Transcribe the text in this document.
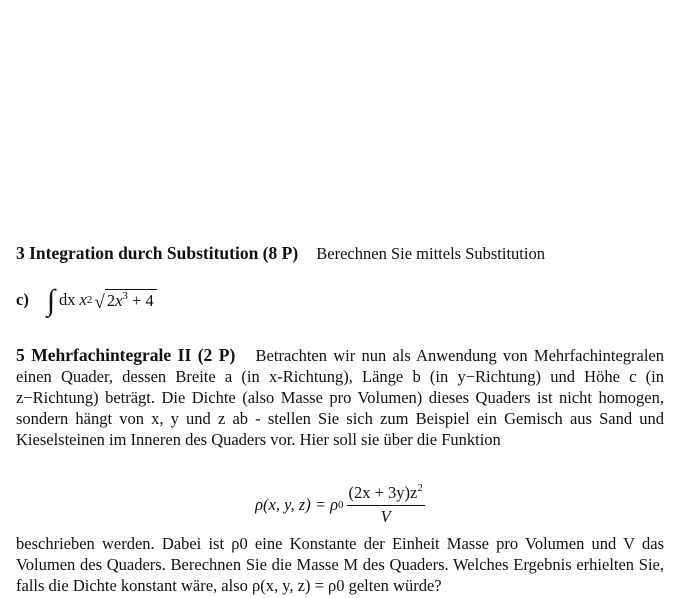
3 Integration durch Substitution (8 P) Berechnen Sie mittels Substitution
c) ∫ dx x 2 √ $2x^3 + 4$

5 Mehrfachintegrale II (2 P) Betrachten wir nun als Anwendung von Mehrfachintegralen einen Quader, dessen Breite a (in x-Richtung), Länge b (in y−Richtung) und Höhe c (in z−Richtung) beträgt. Die Dichte (also Masse pro Volumen) dieses Quaders ist nicht homogen, sondern hängt von x, y und z ab - stellen Sie sich zum Beispiel ein Gemisch aus Sand und Kieselsteinen im Inneren des Quaders vor. Hier soll sie über die Funktion

ρ(x, y, z) = ρ $0 \frac{(2x + 3y)z^2}{V}$
beschrieben werden. Dabei ist ρ0 eine Konstante der Einheit Masse pro Volumen und V das Volumen des Quaders. Berechnen Sie die Masse M des Quaders. Welches Ergebnis erhielten Sie, falls die Dichte konstant wäre, also ρ(x, y, z) = ρ0 gelten würde?
